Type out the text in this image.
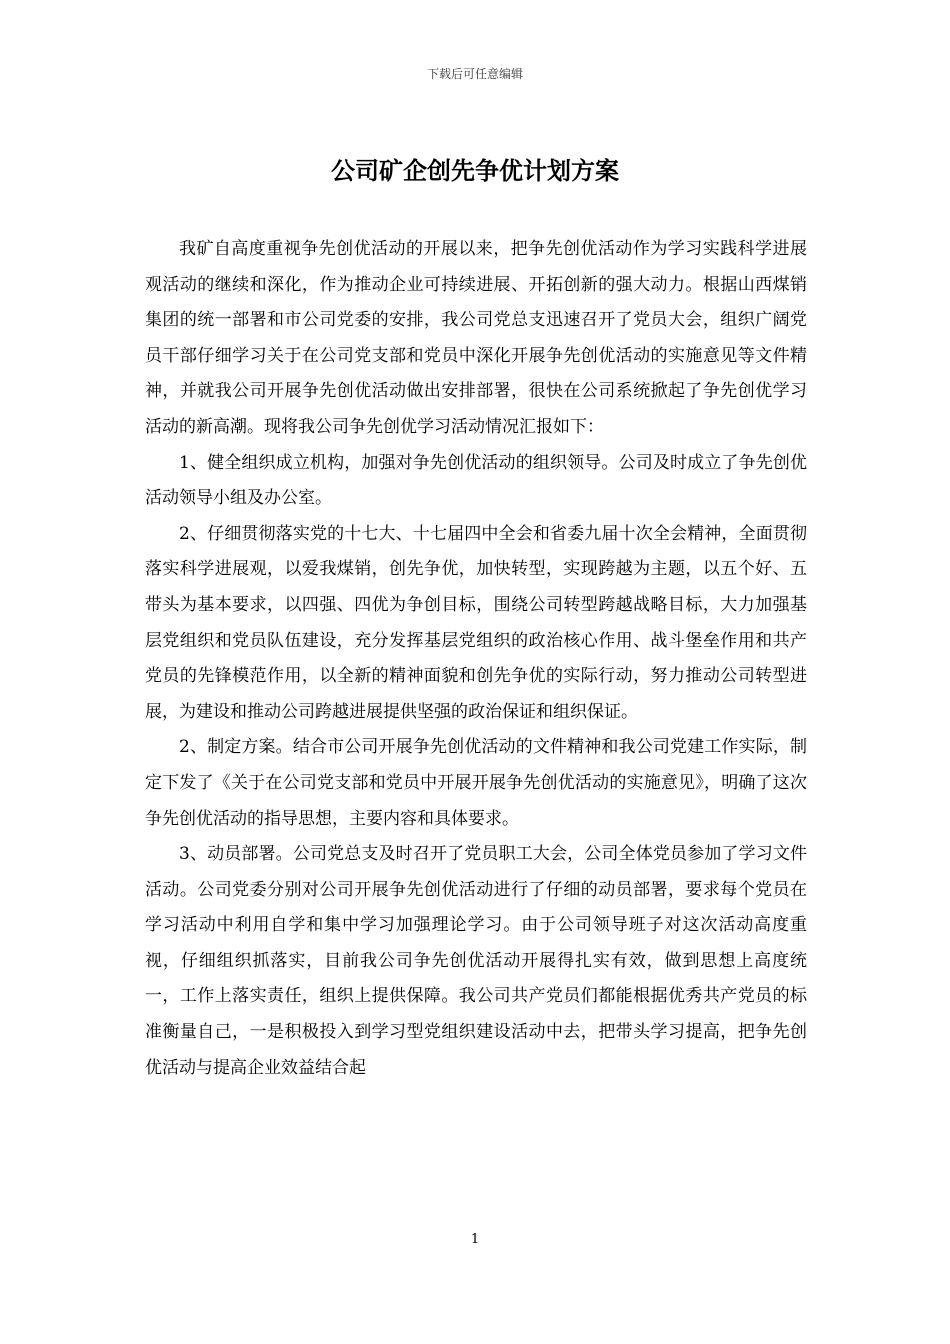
下载后可任意编辑
公司矿企创先争优计划方案

我矿自高度重视争先创优活动的开展以来，把争先创优活动作为学习实践科学进展观活动的继续和深化，作为推动企业可持续进展、开拓创新的强大动力。根据山西煤销集团的统一部署和市公司党委的安排，我公司党总支迅速召开了党员大会，组织广阔党员干部仔细学习关于在公司党支部和党员中深化开展争先创优活动的实施意见等文件精神，并就我公司开展争先创优活动做出安排部署，很快在公司系统掀起了争先创优学习活动的新高潮。现将我公司争先创优学习活动情况汇报如下：

1、健全组织成立机构，加强对争先创优活动的组织领导。公司及时成立了争先创优活动领导小组及办公室。

2、仔细贯彻落实党的十七大、十七届四中全会和省委九届十次全会精神，全面贯彻落实科学进展观，以爱我煤销，创先争优，加快转型，实现跨越为主题，以五个好、五带头为基本要求，以四强、四优为争创目标，围绕公司转型跨越战略目标，大力加强基层党组织和党员队伍建设，充分发挥基层党组织的政治核心作用、战斗堡垒作用和共产党员的先锋模范作用，以全新的精神面貌和创先争优的实际行动，努力推动公司转型进展，为建设和推动公司跨越进展提供坚强的政治保证和组织保证。

2、制定方案。结合市公司开展争先创优活动的文件精神和我公司党建工作实际，制定下发了《关于在公司党支部和党员中开展开展争先创优活动的实施意见》，明确了这次争先创优活动的指导思想，主要内容和具体要求。

3、动员部署。公司党总支及时召开了党员职工大会，公司全体党员参加了学习文件活动。公司党委分别对公司开展争先创优活动进行了仔细的动员部署，要求每个党员在学习活动中利用自学和集中学习加强理论学习。由于公司领导班子对这次活动高度重视，仔细组织抓落实，目前我公司争先创优活动开展得扎实有效，做到思想上高度统一，工作上落实责任，组织上提供保障。我公司共产党员们都能根据优秀共产党员的标准衡量自己，一是积极投入到学习型党组织建设活动中去，把带头学习提高，把争先创优活动与提高企业效益结合起

1
